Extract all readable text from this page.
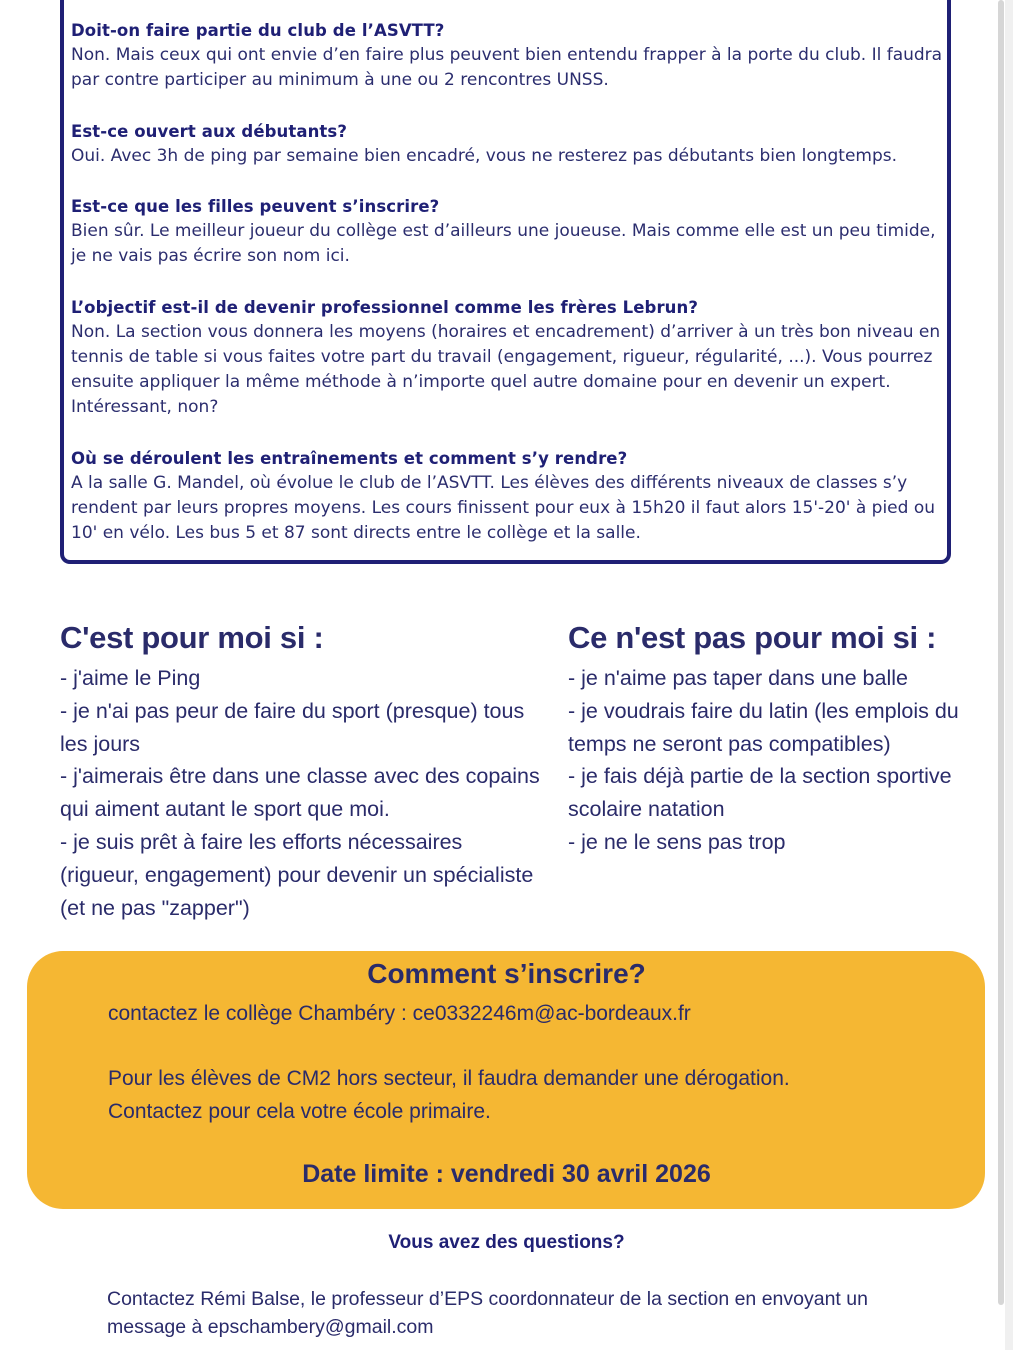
Doit-on faire partie du club de l’ASVTT?
Non. Mais ceux qui ont envie d’en faire plus peuvent bien entendu frapper à la porte du club. Il faudra par contre participer au minimum à une ou 2 rencontres UNSS.
Est-ce ouvert aux débutants?
Oui. Avec 3h de ping par semaine bien encadré, vous ne resterez pas débutants bien longtemps.
Est-ce que les filles peuvent s’inscrire?
Bien sûr. Le meilleur joueur du collège est d’ailleurs une joueuse. Mais comme elle est un peu timide, je ne vais pas écrire son nom ici.
L’objectif est-il de devenir professionnel comme les frères Lebrun?
Non. La section vous donnera les moyens (horaires et encadrement) d’arriver à un très bon niveau en tennis de table si vous faites votre part du travail (engagement, rigueur, régularité, ...). Vous pourrez ensuite appliquer la même méthode à n’importe quel autre domaine pour en devenir un expert. Intéressant, non?
Où se déroulent les entraînements et comment s’y rendre?
A la salle G. Mandel, où évolue le club de l’ASVTT. Les élèves des différents niveaux de classes s’y rendent par leurs propres moyens. Les cours finissent pour eux à 15h20 il faut alors 15'-20' à pied ou 10' en vélo. Les bus 5 et 87 sont directs entre le collège et la salle.
C'est pour moi si :

- j'aime le Ping

- je n'ai pas peur de faire du sport (presque) tous les jours

- j'aimerais être dans une classe avec des copains qui aiment autant le sport que moi.

- je suis prêt à faire les efforts nécessaires (rigueur, engagement) pour devenir un spécialiste (et ne pas "zapper")

Ce n'est pas pour moi si :

- je n'aime pas taper dans une balle

- je voudrais faire du latin (les emplois du temps ne seront pas compatibles)

- je fais déjà partie de la section sportive scolaire natation

- je ne le sens pas trop

Comment s’inscrire?
contactez le collège Chambéry : ce0332246m@ac-bordeaux.fr
Pour les élèves de CM2 hors secteur, il faudra demander une dérogation.
Contactez pour cela votre école primaire.
Date limite : vendredi 30 avril 2026
Vous avez des questions?
Contactez Rémi Balse, le professeur d’EPS coordonnateur de la section en envoyant un message à epschambery@gmail.com
